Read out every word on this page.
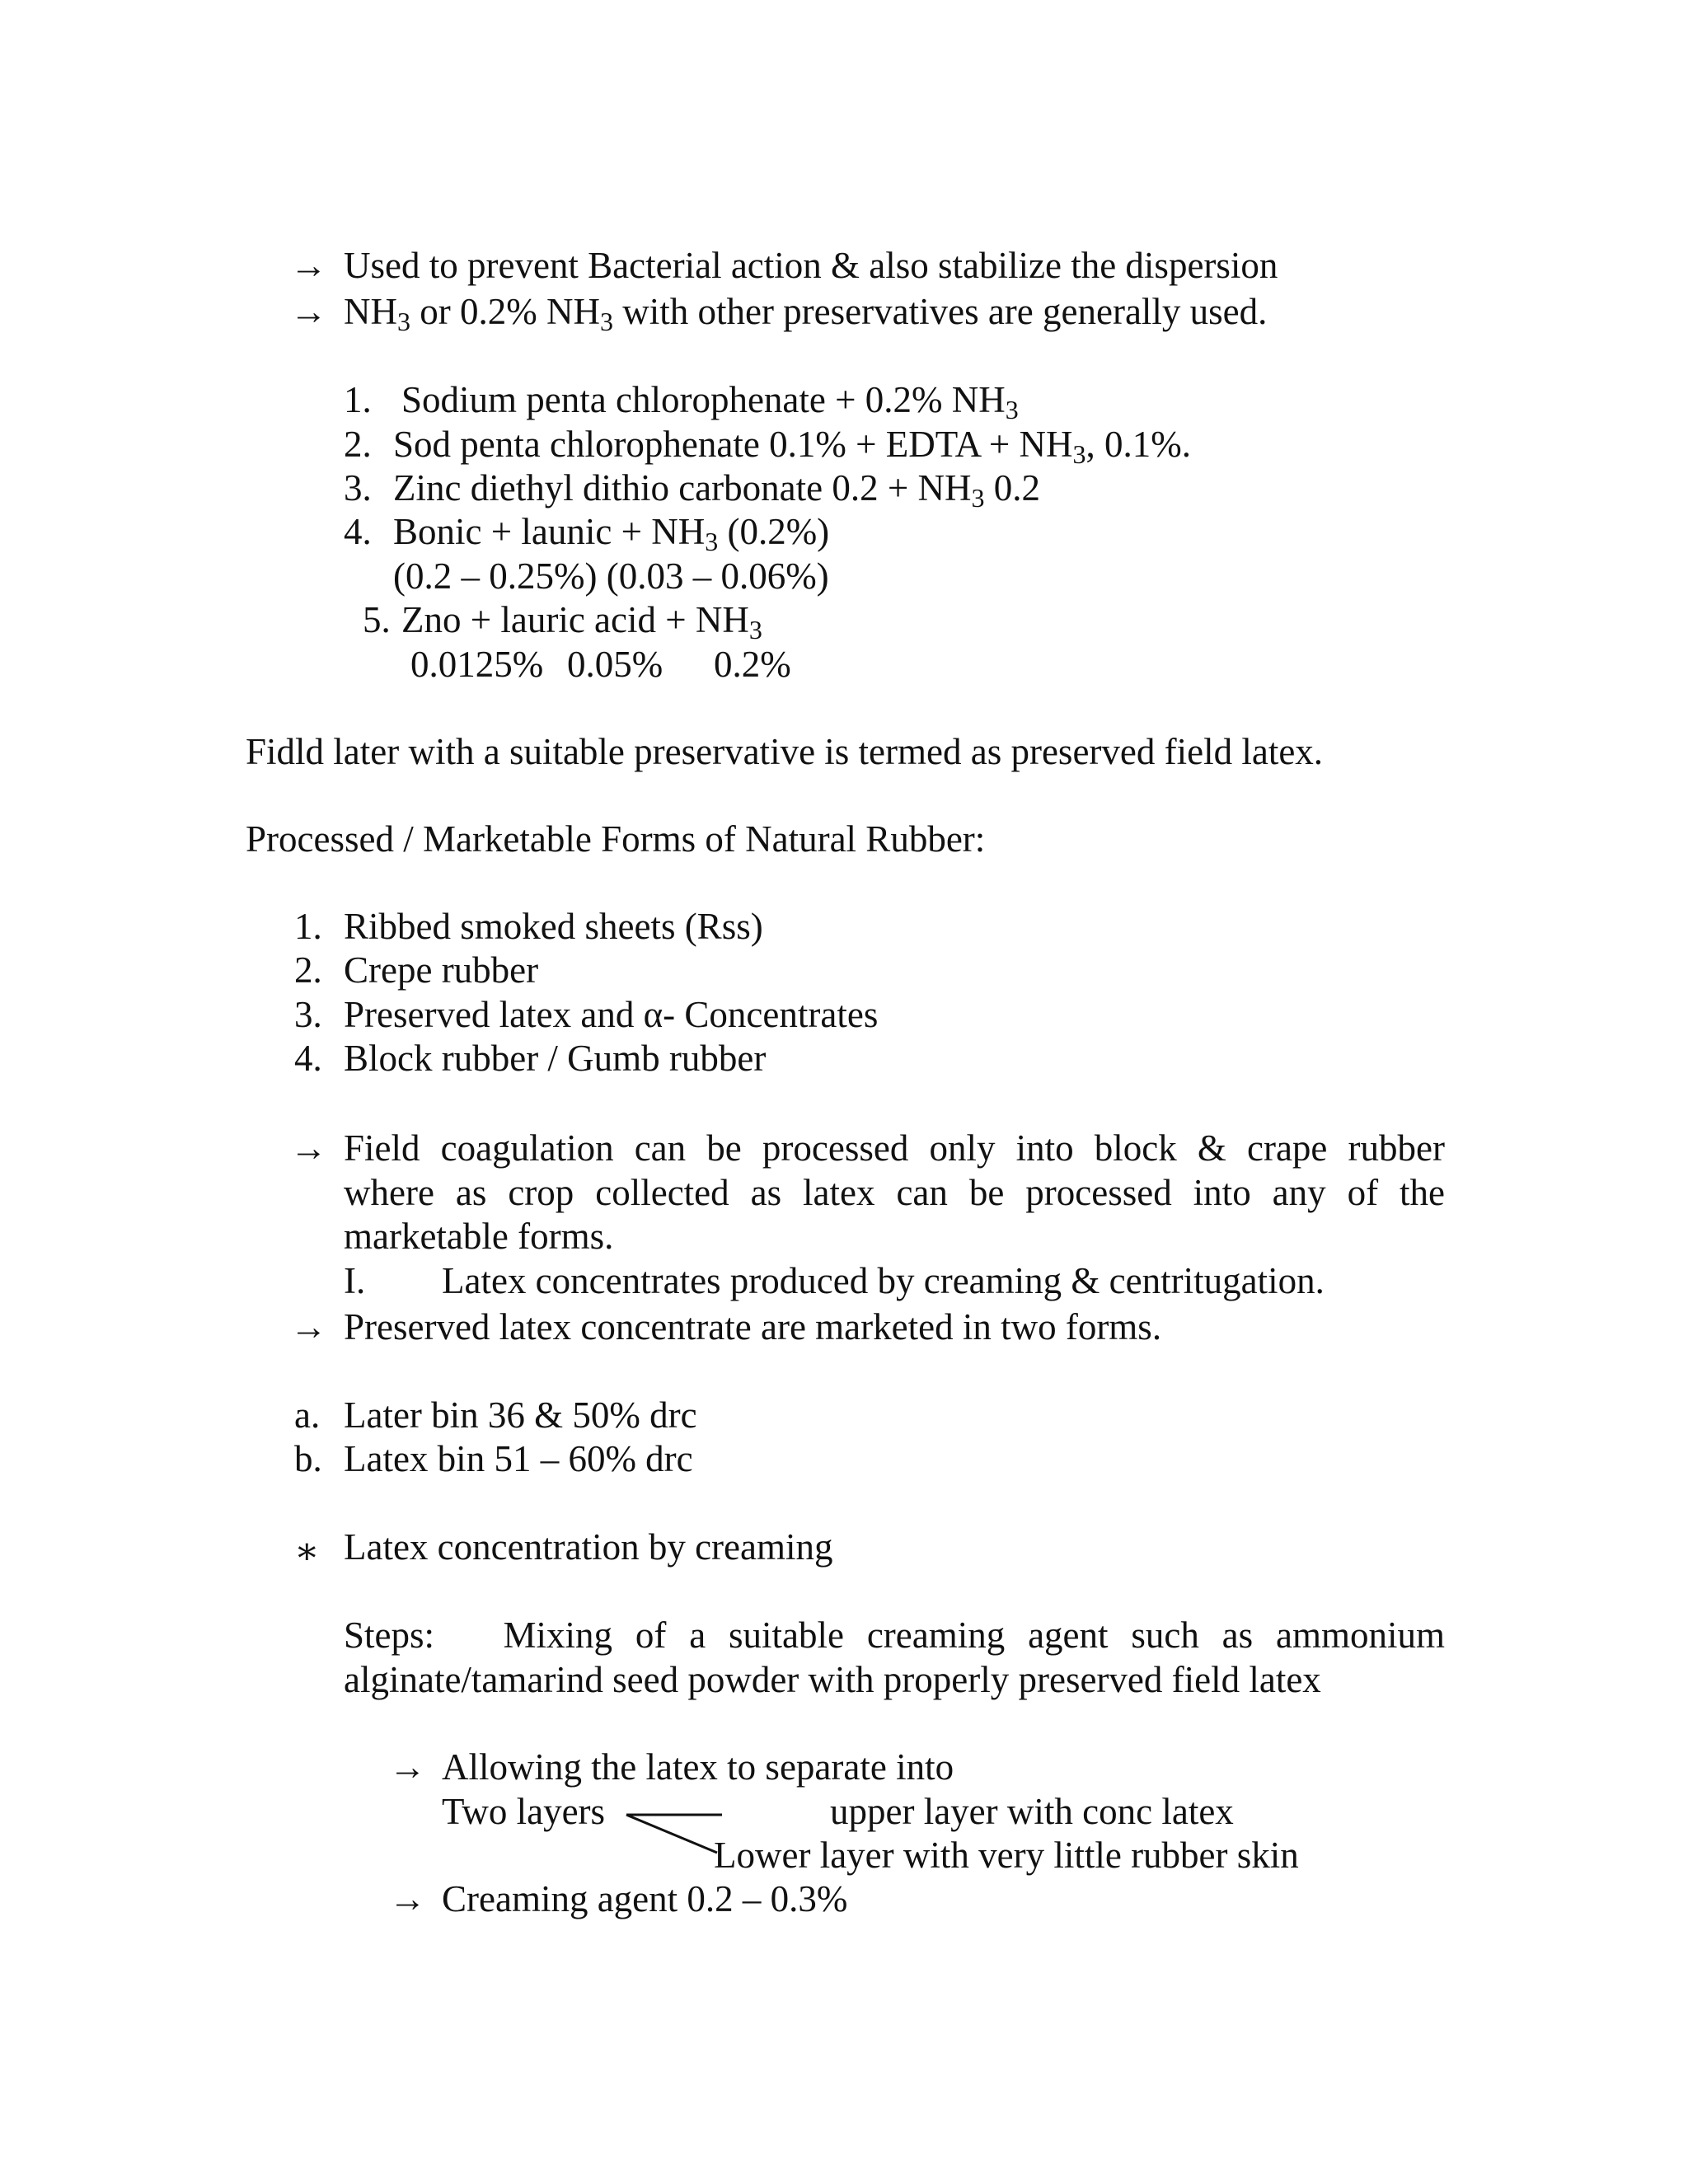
→ Used to prevent Bacterial action & also stabilize the dispersion
→ $NH_3$ or 0.2% $NH_3$ with other preservatives are generally used.
1. Sodium penta chlorophenate + 0.2% $NH_3$
2. Sod penta chlorophenate 0.1% + EDTA + $NH_3$, 0.1%.
3. Zinc diethyl dithio carbonate $0.2 + NH_3$ 0.2
4. Bonic + launic + $NH_3$ (0.2%)
(0.2 – 0.25%) (0.03 – 0.06%)
5. Zno + lauric acid + $NH_3$
0.0125% 0.05% 0.2%
Fidld later with a suitable preservative is termed as preserved field latex.
Processed / Marketable Forms of Natural Rubber:
1. Ribbed smoked sheets (Rss)
2. Crepe rubber
3. Preserved latex and α- Concentrates
4. Block rubber / Gumb rubber
→ Field coagulation can be processed only into block & crape rubber
where as crop collected as latex can be processed into any of the
marketable forms.
I. Latex concentrates produced by creaming & centritugation.
→ Preserved latex concentrate are marketed in two forms.
a. Later bin 36 & 50% drc
b. Latex bin 51 – 60% drc
∗ Latex concentration by creaming
Steps:   Mixing of a suitable creaming agent such as ammonium
alginate/tamarind seed powder with properly preserved field latex
→ Allowing the latex to separate into
Two layers	upper layer with conc latex
Lower layer with very little rubber skin
→ Creaming agent 0.2 – 0.3%
